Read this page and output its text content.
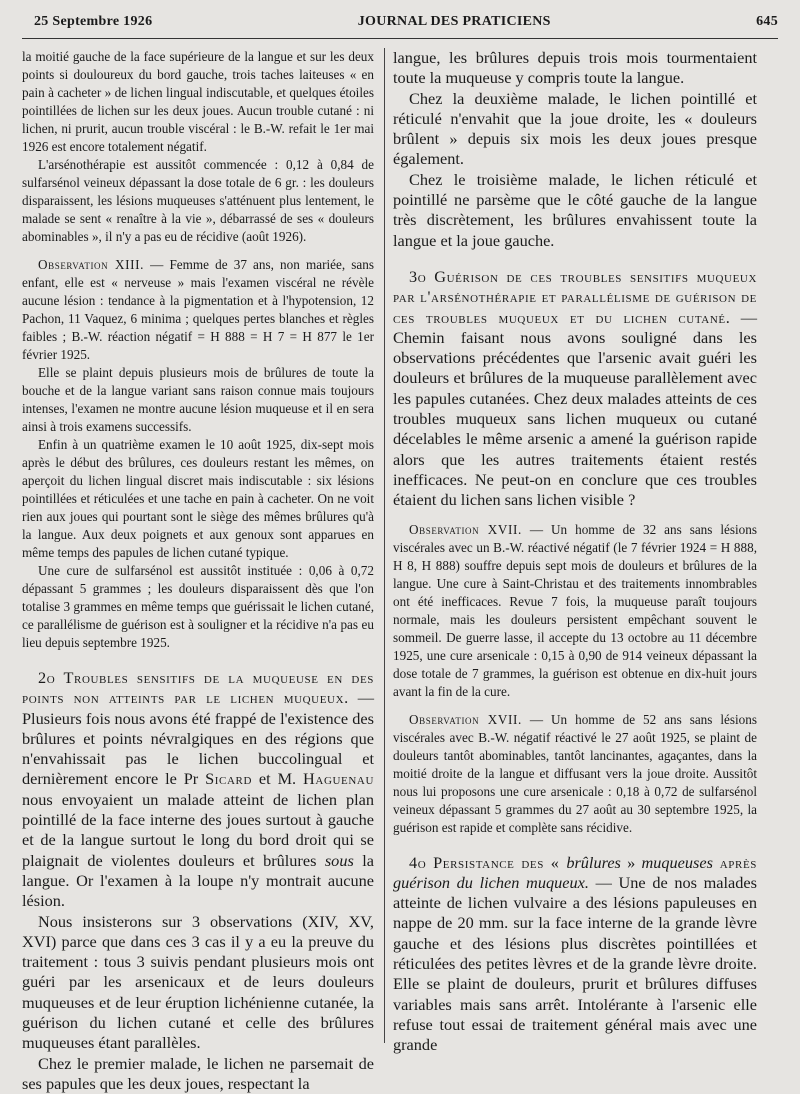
25 Septembre 1926	JOURNAL DES PRATICIENS	645

la moitié gauche de la face supérieure de la langue et sur les deux points si douloureux du bord gauche, trois taches laiteuses « en pain à cacheter » de lichen lingual indiscutable, et quelques étoiles pointillées de lichen sur les deux joues. Aucun trouble cutané : ni lichen, ni prurit, aucun trouble viscéral : le B.-W. refait le 1er mai 1926 est encore totalement négatif.

L'arsénothérapie est aussitôt commencée : 0,12 à 0,84 de sulfarsénol veineux dépassant la dose totale de 6 gr. : les douleurs disparaissent, les lésions muqueuses s'atténuent plus lentement, le malade se sent « renaître à la vie », débarrassé de ses « douleurs abominables », il n'y a pas eu de récidive (août 1926).

Observation XIII. — Femme de 37 ans, non mariée, sans enfant, elle est « nerveuse » mais l'examen viscéral ne révèle aucune lésion : tendance à la pigmentation et à l'hypotension, 12 Pachon, 11 Vaquez, 6 minima ; quelques pertes blanches et règles faibles ; B.-W. réaction négatif = H 888 = H 7 = H 877 le 1er février 1925.

Elle se plaint depuis plusieurs mois de brûlures de toute la bouche et de la langue variant sans raison connue mais toujours intenses, l'examen ne montre aucune lésion muqueuse et il en sera ainsi à trois examens successifs.

Enfin à un quatrième examen le 10 août 1925, dix-sept mois après le début des brûlures, ces douleurs restant les mêmes, on aperçoit du lichen lingual discret mais indiscutable : six lésions pointillées et réticulées et une tache en pain à cacheter. On ne voit rien aux joues qui pourtant sont le siège des mêmes brûlures qu'à la langue. Aux deux poignets et aux genoux sont apparues en même temps des papules de lichen cutané typique.

Une cure de sulfarsénol est aussitôt instituée : 0,06 à 0,72 dépassant 5 grammes ; les douleurs disparaissent dès que l'on totalise 3 grammes en même temps que guérissait le lichen cutané, ce parallélisme de guérison est à souligner et la récidive n'a pas eu lieu depuis septembre 1925.

2o Troubles sensitifs de la muqueuse en des points non atteints par le lichen muqueux. — Plusieurs fois nous avons été frappé de l'existence des brûlures et points névralgiques en des régions que n'envahissait pas le lichen buccolingual et dernièrement encore le Pr Sicard et M. Haguenau nous envoyaient un malade atteint de lichen plan pointillé de la face interne des joues surtout à gauche et de la langue surtout le long du bord droit qui se plaignait de violentes douleurs et brûlures sous la langue. Or l'examen à la loupe n'y montrait aucune lésion.

Nous insisterons sur 3 observations (XIV, XV, XVI) parce que dans ces 3 cas il y a eu la preuve du traitement : tous 3 suivis pendant plusieurs mois ont guéri par les arsenicaux et de leurs douleurs muqueuses et de leur éruption lichénienne cutanée, la guérison du lichen cutané et celle des brûlures muqueuses étant parallèles.

Chez le premier malade, le lichen ne parsemait de ses papules que les deux joues, respectant la

langue, les brûlures depuis trois mois tourmentaient toute la muqueuse y compris toute la langue.

Chez la deuxième malade, le lichen pointillé et réticulé n'envahit que la joue droite, les « douleurs brûlent » depuis six mois les deux joues presque également.

Chez le troisième malade, le lichen réticulé et pointillé ne parsème que le côté gauche de la langue très discrètement, les brûlures envahissent toute la langue et la joue gauche.

3o Guérison de ces troubles sensitifs muqueux par l'arsénothérapie et parallélisme de guérison de ces troubles muqueux et du lichen cutané. — Chemin faisant nous avons souligné dans les observations précédentes que l'arsenic avait guéri les douleurs et brûlures de la muqueuse parallèlement avec les papules cutanées. Chez deux malades atteints de ces troubles muqueux sans lichen muqueux ou cutané décelables le même arsenic a amené la guérison rapide alors que les autres traitements étaient restés inefficaces. Ne peut-on en conclure que ces troubles étaient du lichen sans lichen visible ?

Observation XVII. — Un homme de 32 ans sans lésions viscérales avec un B.-W. réactivé négatif (le 7 février 1924 = H 888, H 8, H 888) souffre depuis sept mois de douleurs et brûlures de la langue. Une cure à Saint-Christau et des traitements innombrables ont été inefficaces. Revue 7 fois, la muqueuse paraît toujours normale, mais les douleurs persistent empêchant souvent le sommeil. De guerre lasse, il accepte du 13 octobre au 11 décembre 1925, une cure arsenicale : 0,15 à 0,90 de 914 veineux dépassant la dose totale de 7 grammes, la guérison est obtenue en dix-huit jours avant la fin de la cure.

Observation XVII. — Un homme de 52 ans sans lésions viscérales avec B.-W. négatif réactivé le 27 août 1925, se plaint de douleurs tantôt abominables, tantôt lancinantes, agaçantes, dans la moitié droite de la langue et diffusant vers la joue droite. Aussitôt nous lui proposons une cure arsenicale : 0,18 à 0,72 de sulfarsénol veineux dépassant 5 grammes du 27 août au 30 septembre 1925, la guérison est rapide et complète sans récidive.

4o Persistance des « brûlures » muqueuses après guérison du lichen muqueux. — Une de nos malades atteinte de lichen vulvaire a des lésions papuleuses en nappe de 20 mm. sur la face interne de la grande lèvre gauche et des lésions plus discrètes pointillées et réticulées des petites lèvres et de la grande lèvre droite. Elle se plaint de douleurs, prurit et brûlures diffuses variables mais sans arrêt. Intolérante à l'arsenic elle refuse tout essai de traitement général mais avec une grande
